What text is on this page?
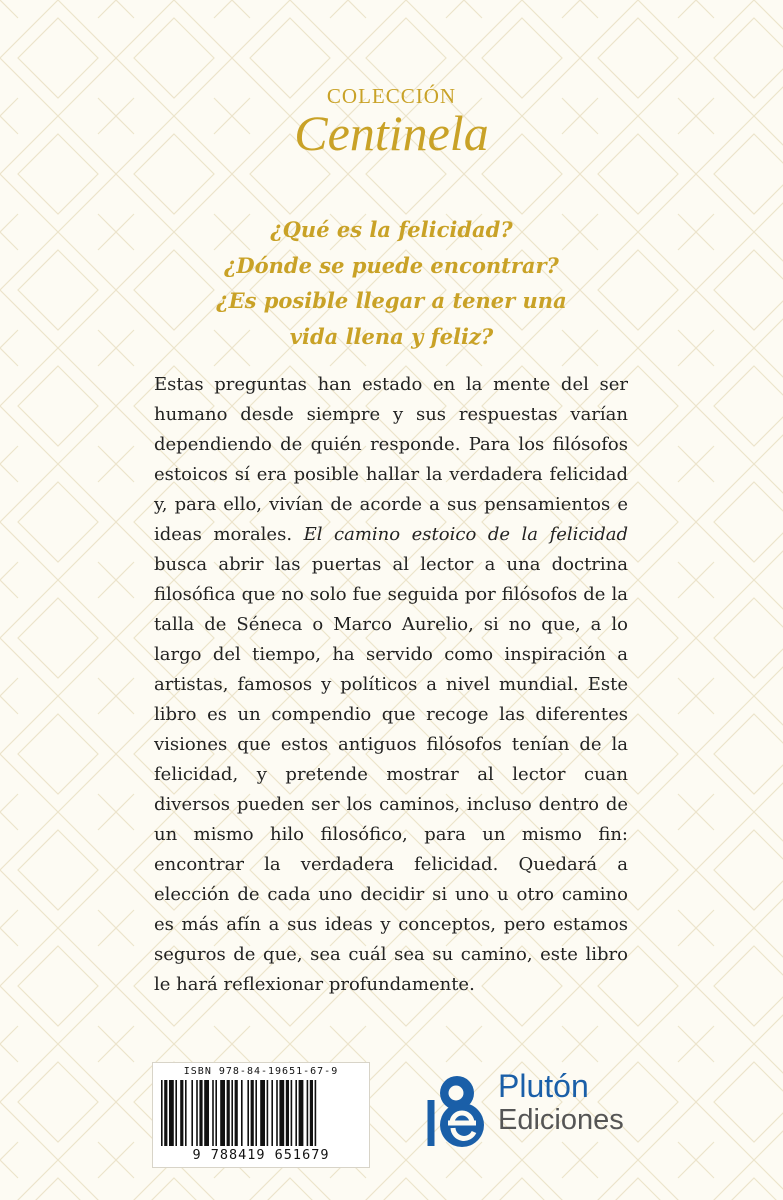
COLECCIÓN
Centinela
¿Qué es la felicidad?
¿Dónde se puede encontrar?
¿Es posible llegar a tener una
vida llena y feliz?

Estas preguntas han estado en la mente del ser humano desde siempre y sus respuestas varían dependiendo de quién responde. Para los filósofos estoicos sí era posible hallar la verdadera felicidad y, para ello, vivían de acorde a sus pensamientos e ideas morales. El camino estoico de la felicidad busca abrir las puertas al lector a una doctrina filosófica que no solo fue seguida por filósofos de la talla de Séneca o Marco Aurelio, si no que, a lo largo del tiempo, ha servido como inspiración a artistas, famosos y políticos a nivel mundial. Este libro es un compendio que recoge las diferentes visiones que estos antiguos filósofos tenían de la felicidad, y pretende mostrar al lector cuan diversos pueden ser los caminos, incluso dentro de un mismo hilo filosófico, para un mismo fin: encontrar la verdadera felicidad. Quedará a elección de cada uno decidir si uno u otro camino es más afín a sus ideas y conceptos, pero estamos seguros de que, sea cuál sea su camino, este libro le hará reflexionar profundamente.

ISBN 978-84-19651-67-9
9 788419 651679
Plutón
Ediciones
